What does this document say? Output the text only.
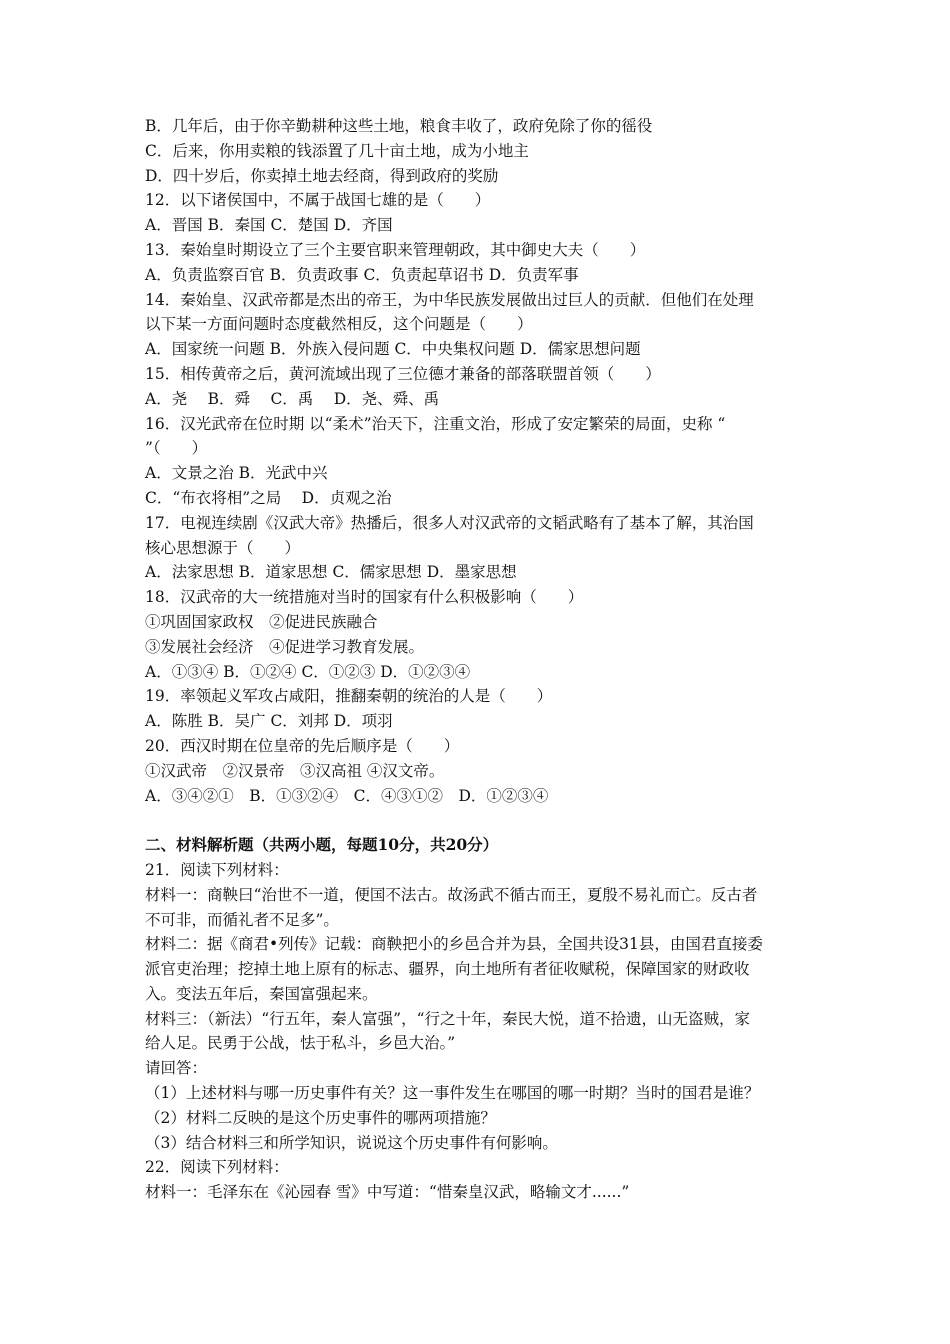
B．几年后，由于你辛勤耕种这些土地，粮食丰收了，政府免除了你的徭役
C．后来，你用卖粮的钱添置了几十亩土地，成为小地主
D．四十岁后，你卖掉土地去经商，得到政府的奖励
12．以下诸侯国中，不属于战国七雄的是（　　）
A．晋国 B．秦国 C．楚国 D．齐国
13．秦始皇时期设立了三个主要官职来管理朝政，其中御史大夫（　　）
A．负责监察百官 B．负责政事 C．负责起草诏书 D．负责军事
14．秦始皇、汉武帝都是杰出的帝王，为中华民族发展做出过巨人的贡献．但他们在处理
以下某一方面问题时态度截然相反，这个问题是（　　）
A．国家统一问题 B．外族入侵问题 C．中央集权问题 D．儒家思想问题
15．相传黄帝之后，黄河流域出现了三位德才兼备的部落联盟首领（　　）
A．尧　 B．舜　 C．禹　 D．尧、舜、禹
16．汉光武帝在位时期 以“柔术”治天下，注重文治，形成了安定繁荣的局面，史称 “
”（　　）
A．文景之治 B．光武中兴
C．“布衣将相”之局　 D．贞观之治
17．电视连续剧《汉武大帝》热播后，很多人对汉武帝的文韬武略有了基本了解，其治国
核心思想源于（　　）
A．法家思想 B．道家思想 C．儒家思想 D．墨家思想
18．汉武帝的大一统措施对当时的国家有什么积极影响（　　）
①巩固国家政权　②促进民族融合
③发展社会经济　④促进学习教育发展。
A．①③④ B．①②④ C．①②③ D．①②③④
19．率领起义军攻占咸阳，推翻秦朝的统治的人是（　　）
A．陈胜 B．吴广 C．刘邦 D．项羽
20．西汉时期在位皇帝的先后顺序是（　　）
①汉武帝　②汉景帝　③汉高祖 ④汉文帝。
A．③④②①　B．①③②④　C．④③①②　D．①②③④
二、材料解析题（共两小题，每题10分，共20分）
21．阅读下列材料：
材料一：商鞅曰“治世不一道，便国不法古。故汤武不循古而王，夏殷不易礼而亡。反古者
不可非，而循礼者不足多”。
材料二：据《商君•列传》记载：商鞅把小的乡邑合并为县，全国共设31县，由国君直接委
派官吏治理；挖掉土地上原有的标志、疆界，向土地所有者征收赋税，保障国家的财政收
入。变法五年后，秦国富强起来。
材料三：（新法）“行五年，秦人富强”，“行之十年，秦民大悦，道不拾遗，山无盗贼，家
给人足。民勇于公战，怯于私斗，乡邑大治。”
请回答：
（1）上述材料与哪一历史事件有关？这一事件发生在哪国的哪一时期？当时的国君是谁？
（2）材料二反映的是这个历史事件的哪两项措施？
（3）结合材料三和所学知识，说说这个历史事件有何影响。
22．阅读下列材料：
材料一：毛泽东在《沁园春 雪》中写道：“惜秦皇汉武，略输文才......”
